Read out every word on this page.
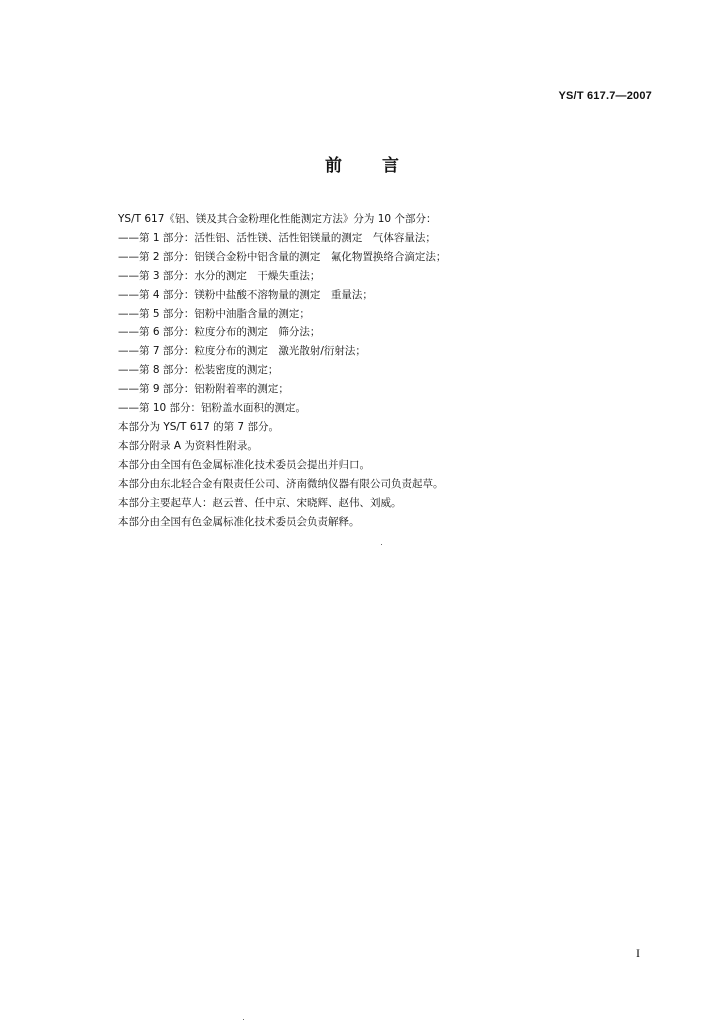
YS/T 617.7—2007
前言
YS/T 617《铝、镁及其合金粉理化性能测定方法》分为 10 个部分：
——第 1 部分：活性铝、活性镁、活性铝镁量的测定　气体容量法；
——第 2 部分：铝镁合金粉中铝含量的测定　氟化物置换络合滴定法；
——第 3 部分：水分的测定　干燥失重法；
——第 4 部分：镁粉中盐酸不溶物量的测定　重量法；
——第 5 部分：铝粉中油脂含量的测定；
——第 6 部分：粒度分布的测定　筛分法；
——第 7 部分：粒度分布的测定　激光散射/衍射法；
——第 8 部分：松装密度的测定；
——第 9 部分：铝粉附着率的测定；
——第 10 部分：铝粉盖水面积的测定。
本部分为 YS/T 617 的第 7 部分。
本部分附录 A 为资料性附录。
本部分由全国有色金属标准化技术委员会提出并归口。
本部分由东北轻合金有限责任公司、济南微纳仪器有限公司负责起草。
本部分主要起草人：赵云普、任中京、宋晓辉、赵伟、刘威。
本部分由全国有色金属标准化技术委员会负责解释。
I
